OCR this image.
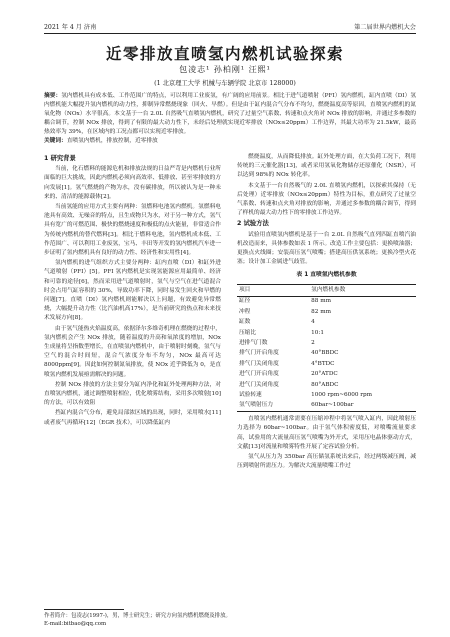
2021 年 4 月 济南	第二届世界内燃机大会
近零排放直喷氢内燃机试验探索
包凌志¹ 孙柏刚¹ 汪熙¹
(1 北京理工大学 机械与车辆学院 北京市 128000)
摘要：氢内燃机具有成本低、工作范围广的特点，可以利用工业废氢，有广阔的应用前景。相比于进气道喷射（PFI）氢内燃机，缸内直喷（DI）氢内燃机能大幅提升氢内燃机的动力性，抑制异常燃烧现象（回火、早燃）。但是由于缸内混合气分布不均匀，燃烧温度高等原因，直喷氢内燃机的氮氧化物（NOx）水平很高。本文基于一台 2.0L 自然吸气直喷氢内燃机，研究了过量空气系数、转速和点火角对 NOx 排放的影响，并通过多参数的耦合调节，控制 NOx 排放，得到了有限的最大动力性下，未经后处理就实现近零排放（NOx≤20ppm）工作边界，其最大功率为 21.5kW，最高热效率为 39%，在区域内的工况点都可以实现近零排放。
关键词：直喷氢内燃机，排放控制，近零排放
1 研究背景

当前，化石燃料的能源危机和排放法规的日益严苛是内燃机行业所面临的巨大挑战，因此内燃机必须向高效率、低排放、甚至零排放的方向发展[1]。氢气燃烧的产物为水，没有碳排放，所以被认为是一种未来的、清洁的能源载体[2]。

当前氢能的应用方式主要有两种：氢燃料电池氢内燃机。氢燃料电池具有高效、无噪音的特点，且生成物只为水，对于另一种方式，氢气具有宽广的可燃范围、极快的燃烧速度和极低的点火能量，非常适合作为传统内燃机的替代燃料[3]。相比于燃料电池，氢内燃机成本低、工作范围广、可以利用工业废氢，宝马、丰田等开发的氢内燃机汽车进一步证明了氢内燃机具有良好的动力性、经济性和实用性[4]。

氢内燃机的进气组织方式主要分两种：缸内直喷（DI）和缸外进气道喷射（PFI）[5]。PFI 氢内燃机是实现氢能源应用最简单、经济和可靠的途径[6]，然而采用进气道喷射时，氢气与空气在进气道混合时会占用气缸容积的 30%，导致功率下降，同时易发生回火和早燃的问题[7]。直喷（DI）氢内燃机则能解决以上问题，有效避免异常燃烧，大幅提升动力性（比汽油机高17%），是当前研究的热点和未来技术发展方向[8]。

由于氢气能热火焰温度高，依据泽尔多维奇机理在燃烧的过程中，氢内燃机会产生 NOx 排放，随着温度的升高和氧浓度的增加，NOx 生成量将呈指数型增长，在直喷氢内燃机中，由于喷射时刻晚，氢气与空气的混合时间短，混合气浓度分布不均匀，NOx 最高可达 8000ppm[9]。因此如何控制氮氧排放，使 NOx 近乎降低为 0，是直喷氢内燃机发展亟需解决的问题。

控制 NOx 排放的方法主要分为缸内净化和缸外处理两种方法，对直喷氢内燃机，通过调整喷射相位，优化喷雾结构，采用多次喷射[10]的方法，可以有效阻

挡缸内混合气分布，避免局部浓区域的出现，同时，采用喷水[11]或者废气再循环[12]（EGR 技术），可以降低缸内

燃烧温度，从而降低排放。缸外处理方面，在大负荷工况下，利用传统的三元催化器[13]，或者采用氢氧化物储存还原催化（NSR），可以达到 98%的 NOx 转化率。

本文基于一台自然吸气的 2.0L 直喷氢内燃机，以探索其保持（无后处理）近零排放（NOx≤20ppm）特性为目标，重点研究了过量空气系数、转速和点火角对排放的影响，并通过多参数的耦合调节，得到了样机的最大动力性下的零排放工作边界。

2 试验方法

试验用直喷氢内燃机是基于一台 2.0L 自然吸气直列四缸直喷汽油机改造而来，具体参数如表 1 所示。改造工作主要包括：更换喷油器；更换点火线圈；安装高压氢气喷嘴；搭建高压供氢系统；更换冷型火花塞；设计加工金属进气歧管。

表 1 直喷氢内燃机参数
项目	氢内燃机参数
缸径	88 mm
冲程	82 mm
缸数	4
压缩比	10:1
进排气门数	2
排气门开启角度	40°BBDC
排气门关闭角度	4°BTDC
进气门开启角度	20°ATDC
进气门关闭角度	80°ABDC
试验转速	1000 rpm~6000 rpm
氢气喷射压力	60bar~100bar

直喷氢内燃机通常需要在压缩冲程中将氢气喷入缸内，因此喷射压力选择为 60bar~100bar。由于氢气体积密度低，对喷嘴流量要求高，试验用的大流量高压氢气喷嘴为外开式，采用压电晶体驱动方式，文献[13]对流量和喷雾特性开展了定容试验分析。

氢气从压力为 350bar 高压储氢系统出来后，经过两级减压阀，减压到喷射所需压力。为解决大流量喷嘴工作过

作者简介：包凌志(1997-)，男，博士研究生；研究方向氢内燃机燃烧及排放。
E-mail:bitbao@qq.com
